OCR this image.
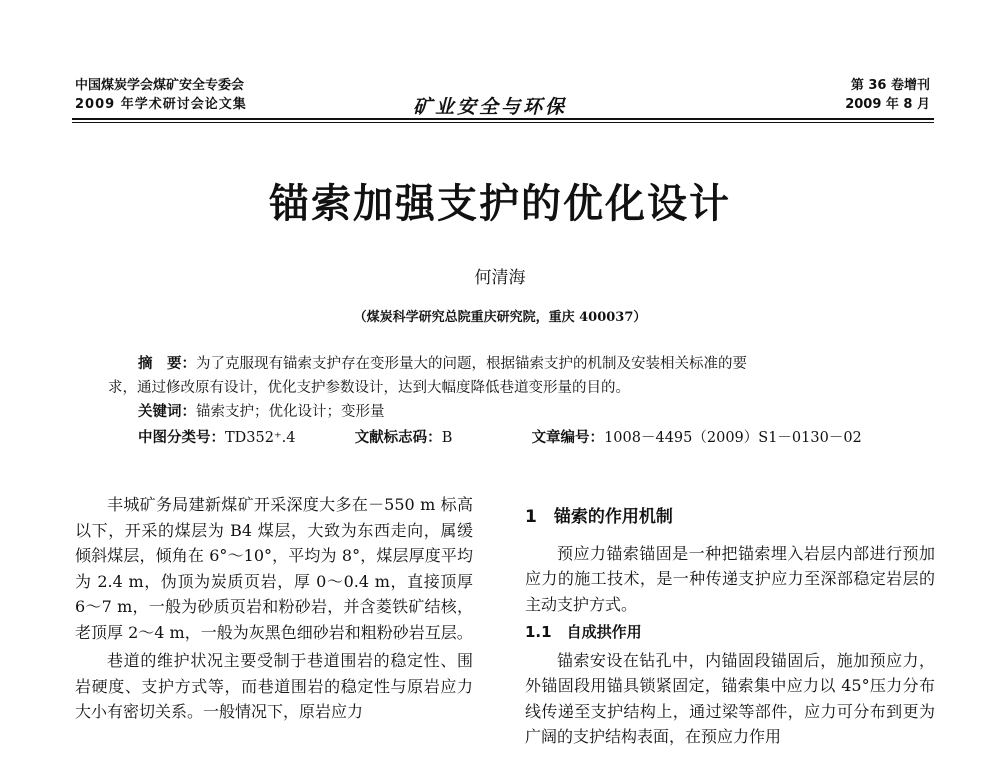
中国煤炭学会煤矿安全专委会
2009 年学术研讨会论文集	矿业安全与环保
第 36 卷增刊
2009 年 8 月
锚索加强支护的优化设计
何清海
（煤炭科学研究总院重庆研究院，重庆 400037）
摘　要：为了克服现有锚索支护存在变形量大的问题，根据锚索支护的机制及安装相关标准的要
求，通过修改原有设计，优化支护参数设计，达到大幅度降低巷道变形量的目的。
关键词：锚索支护；优化设计；变形量
中图分类号：TD352⁺.4	文献标志码：B	文章编号：1008－4495（2009）S1－0130－02

丰城矿务局建新煤矿开采深度大多在－550 m 标高以下，开采的煤层为 B4 煤层，大致为东西走向，属缓倾斜煤层，倾角在 6°～10°，平均为 8°，煤层厚度平均为 2.4 m，伪顶为炭质页岩，厚 0～0.4 m，直接顶厚 6～7 m，一般为砂质页岩和粉砂岩，并含菱铁矿结核，老顶厚 2～4 m，一般为灰黑色细砂岩和粗粉砂岩互层。

巷道的维护状况主要受制于巷道围岩的稳定性、围岩硬度、支护方式等，而巷道围岩的稳定性与原岩应力大小有密切关系。一般情况下，原岩应力

1　锚索的作用机制

预应力锚索锚固是一种把锚索埋入岩层内部进行预加应力的施工技术，是一种传递支护应力至深部稳定岩层的主动支护方式。

1.1　自成拱作用

锚索安设在钻孔中，内锚固段锚固后，施加预应力，外锚固段用锚具锁紧固定，锚索集中应力以 45°压力分布线传递至支护结构上，通过梁等部件，应力可分布到更为广阔的支护结构表面，在预应力作用
